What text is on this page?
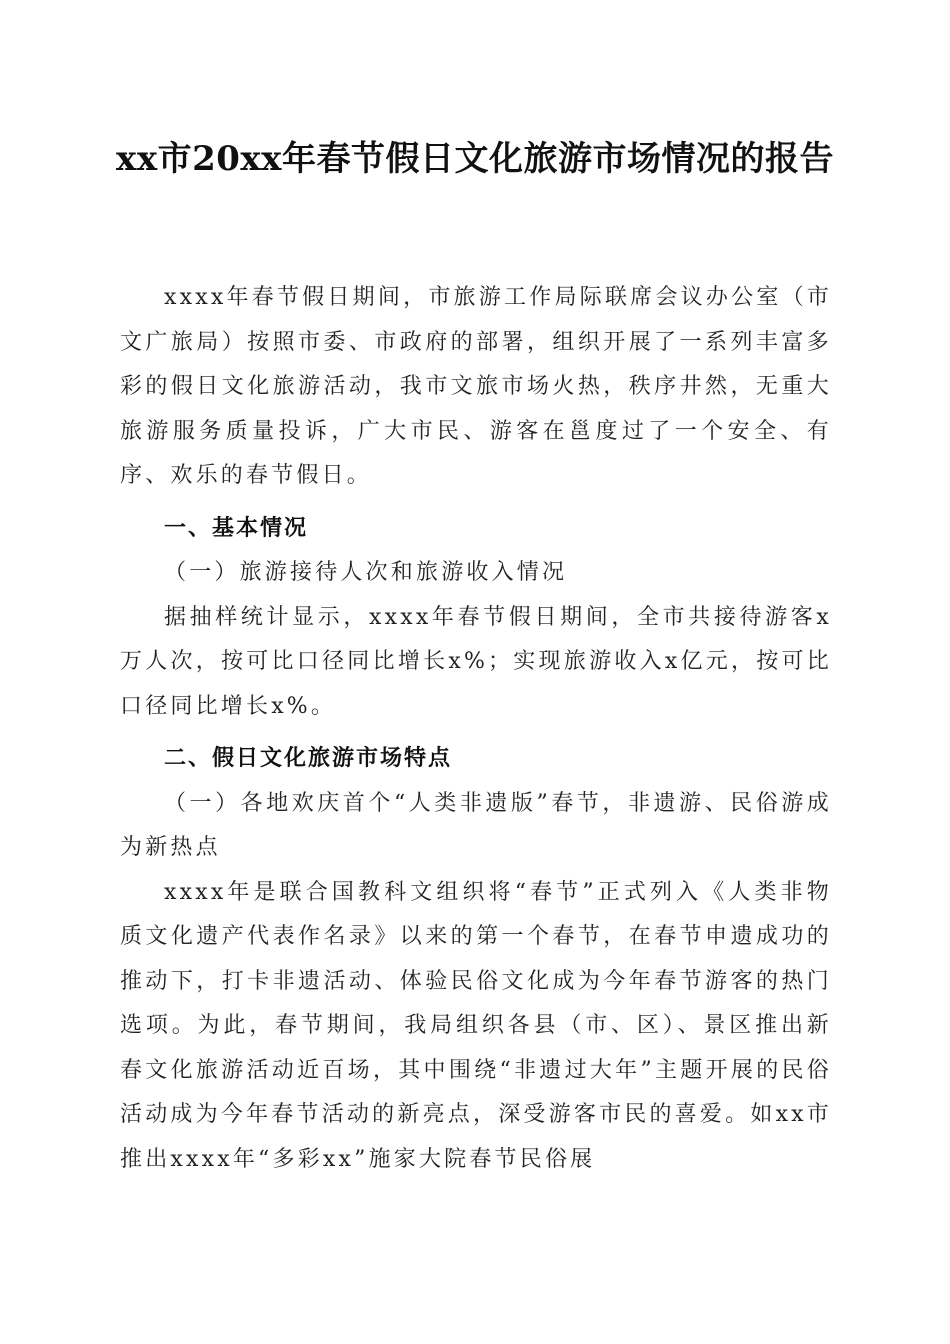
xx市20xx年春节假日文化旅游市场情况的报告

xxxx年春节假日期间，市旅游工作局际联席会议办公室（市文广旅局）按照市委、市政府的部署，组织开展了一系列丰富多彩的假日文化旅游活动，我市文旅市场火热，秩序井然，无重大旅游服务质量投诉，广大市民、游客在邕度过了一个安全、有序、欢乐的春节假日。

一、基本情况

（一）旅游接待人次和旅游收入情况

据抽样统计显示，xxxx年春节假日期间，全市共接待游客x万人次，按可比口径同比增长x%；实现旅游收入x亿元，按可比口径同比增长x%。

二、假日文化旅游市场特点

（一）各地欢庆首个“人类非遗版”春节，非遗游、民俗游成为新热点

xxxx年是联合国教科文组织将“春节”正式列入《人类非物质文化遗产代表作名录》以来的第一个春节，在春节申遗成功的推动下，打卡非遗活动、体验民俗文化成为今年春节游客的热门选项。为此，春节期间，我局组织各县（市、区）、景区推出新春文化旅游活动近百场，其中围绕“非遗过大年”主题开展的民俗活动成为今年春节活动的新亮点，深受游客市民的喜爱。如xx市推出xxxx年“多彩xx”施家大院春节民俗展
